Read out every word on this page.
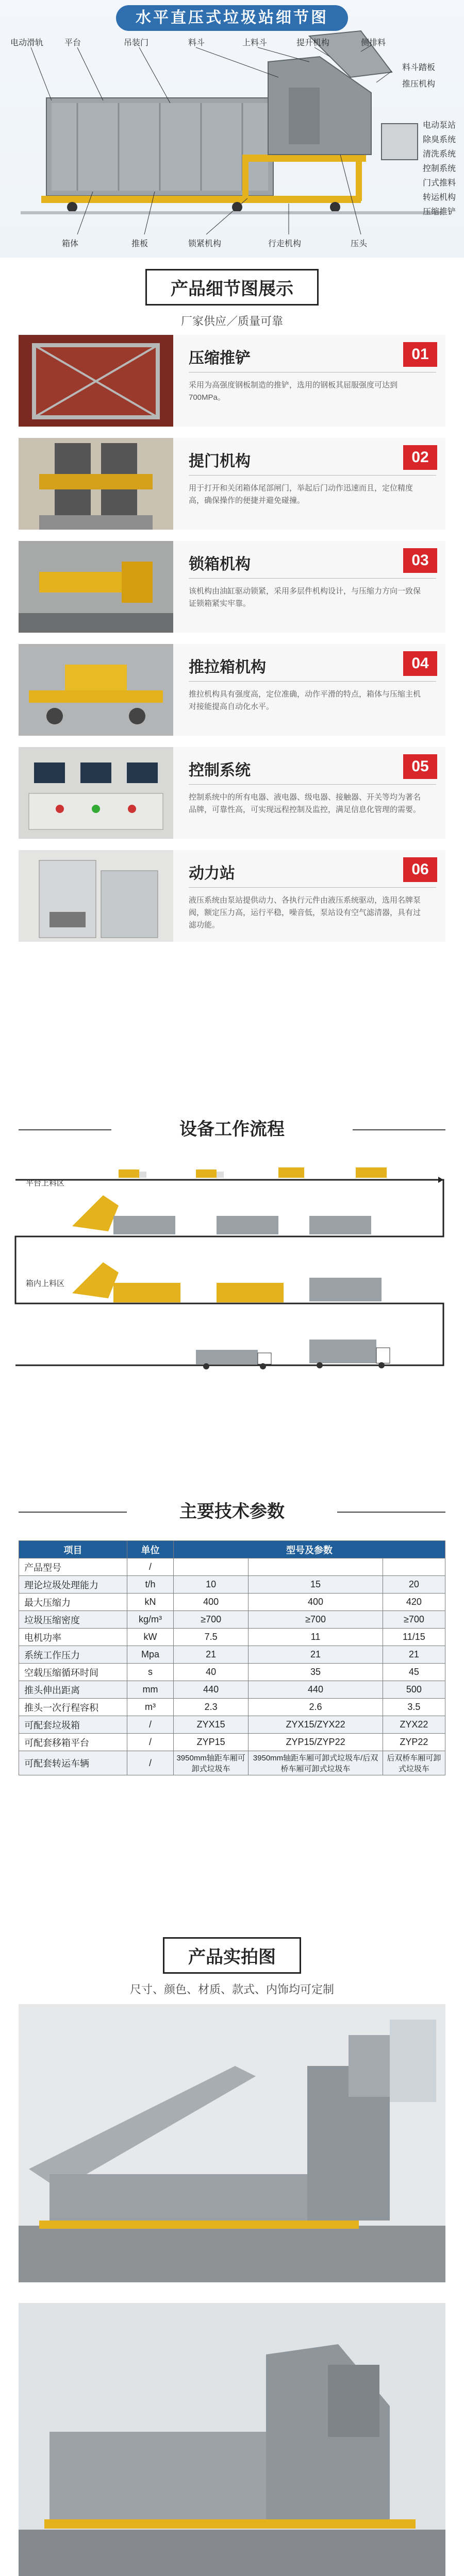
水平直压式垃圾站细节图
电动滑轨	平台	吊装门	料斗	上料斗	提升机构	侧排料
料斗踏板
推压机构
电动泵站
除臭系统
清洗系统
控制系统
门式推料
转运机构
压缩推铲
箱体	推板	锁紧机构	行走机构	压头
产品细节图展示
厂家供应／质量可靠
压缩推铲	01
采用为高强度钢板制造的推铲，选用的钢板其屈服强度可达到700MPa。
提门机构	02
用于打开和关闭箱体尾部闸门，举起后门动作迅速而且，定位精度高，确保操作的便捷并避免碰撞。
锁箱机构	03
该机构由油缸驱动锁紧，采用多层件机构设计，与压缩力方向一致保证锁箱紧实牢靠。
推拉箱机构	04
推拉机构具有强度高，定位准确，动作平滑的特点，箱体与压缩主机对接能提高自动化水平。
控制系统	05
控制系统中的所有电器、液电器、级电器、接触器、开关等均为著名品牌，可靠性高，可实现远程控制及监控，满足信息化管理的需要。
动力站	06
液压系统由泵站提供动力、各执行元件由液压系统驱动，选用名牌泵阀，额定压力高，运行平稳，噪音低，泵站设有空气滤清器，具有过滤功能。
设备工作流程
平台上料区
箱内上料区
主要技术参数
项目	单位	型号及参数		
产品型号	/			
理论垃圾处理能力	t/h	10	15	20
最大压缩力	kN	400	400	420
垃圾压缩密度	kg/m³	≥700	≥700	≥700
电机功率	kW	7.5	11	11/15
系统工作压力	Mpa	21	21	21
空载压缩循环时间	s	40	35	45
推头伸出距离	mm	440	440	500
推头一次行程容积	m³	2.3	2.6	3.5
可配套垃圾箱	/	ZYX15	ZYX15/ZYX22	ZYX22
可配套移箱平台	/	ZYP15	ZYP15/ZYP22	ZYP22
可配套转运车辆	/	3950mm轴距车厢可卸式垃圾车	3950mm轴距车厢可卸式垃圾车/后双桥车厢可卸式垃圾车	后双桥车厢可卸式垃圾车
产品实拍图
尺寸、颜色、材质、款式、内饰均可定制
